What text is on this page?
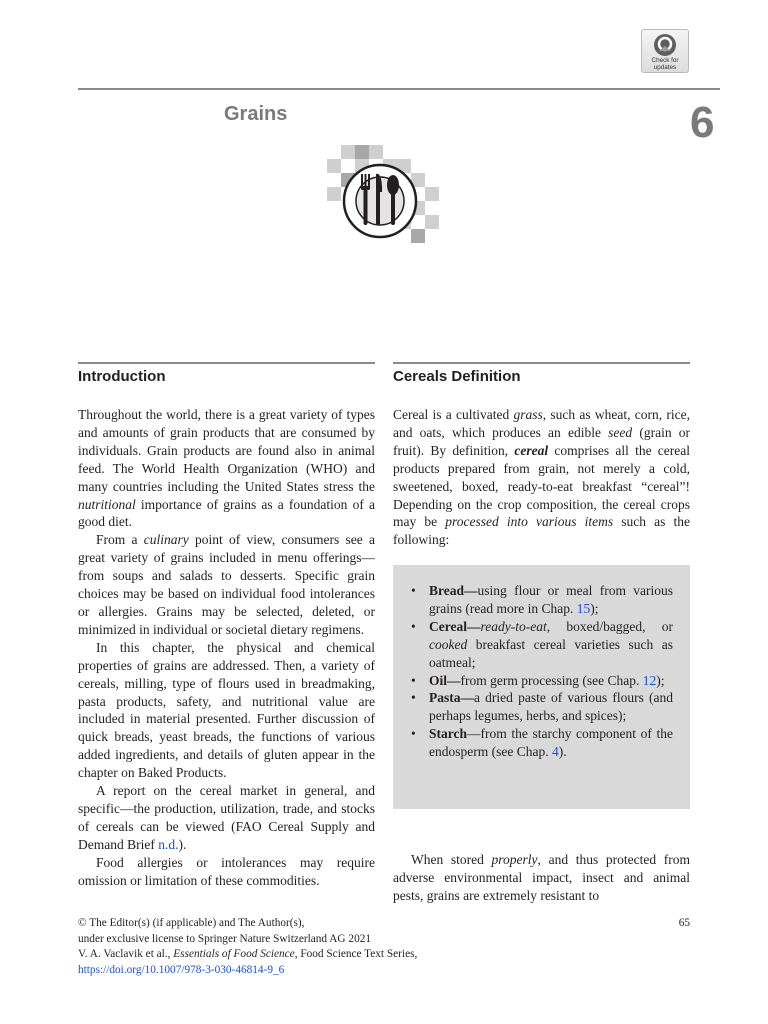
Check for
updates
Grains	6
Introduction	Cereals Definition

Throughout the world, there is a great variety of types and amounts of grain products that are consumed by individuals. Grain products are found also in animal feed. The World Health Organization (WHO) and many countries including the United States stress the nutritional importance of grains as a foundation of a good diet.

From a culinary point of view, consumers see a great variety of grains included in menu offerings—from soups and salads to desserts. Specific grain choices may be based on individual food intolerances or allergies. Grains may be selected, deleted, or minimized in individual or societal dietary regimens.

In this chapter, the physical and chemical properties of grains are addressed. Then, a variety of cereals, milling, type of flours used in breadmaking, pasta products, safety, and nutritional value are included in material presented. Further discussion of quick breads, yeast breads, the functions of various added ingredients, and details of gluten appear in the chapter on Baked Products.

A report on the cereal market in general, and specific—the production, utilization, trade, and stocks of cereals can be viewed (FAO Cereal Supply and Demand Brief n.d.).

Food allergies or intolerances may require omission or limitation of these commodities.

Cereal is a cultivated grass, such as wheat, corn, rice, and oats, which produces an edible seed (grain or fruit). By definition, cereal comprises all the cereal products prepared from grain, not merely a cold, sweetened, boxed, ready-to-eat breakfast “cereal”! Depending on the crop composition, the cereal crops may be processed into various items such as the following:

• Bread—using flour or meal from various grains (read more in Chap. 15);
• Cereal—ready-to-eat, boxed/bagged, or cooked breakfast cereal varieties such as oatmeal;
• Oil—from germ processing (see Chap. 12);
• Pasta—a dried paste of various flours (and perhaps legumes, herbs, and spices);
• Starch—from the starchy component of the endosperm (see Chap. 4).

When stored properly, and thus protected from adverse environmental impact, insect and animal pests, grains are extremely resistant to

© The Editor(s) (if applicable) and The Author(s),
under exclusive license to Springer Nature Switzerland AG 2021
V. A. Vaclavik et al., Essentials of Food Science, Food Science Text Series,
https://doi.org/10.1007/978-3-030-46814-9_6
65
